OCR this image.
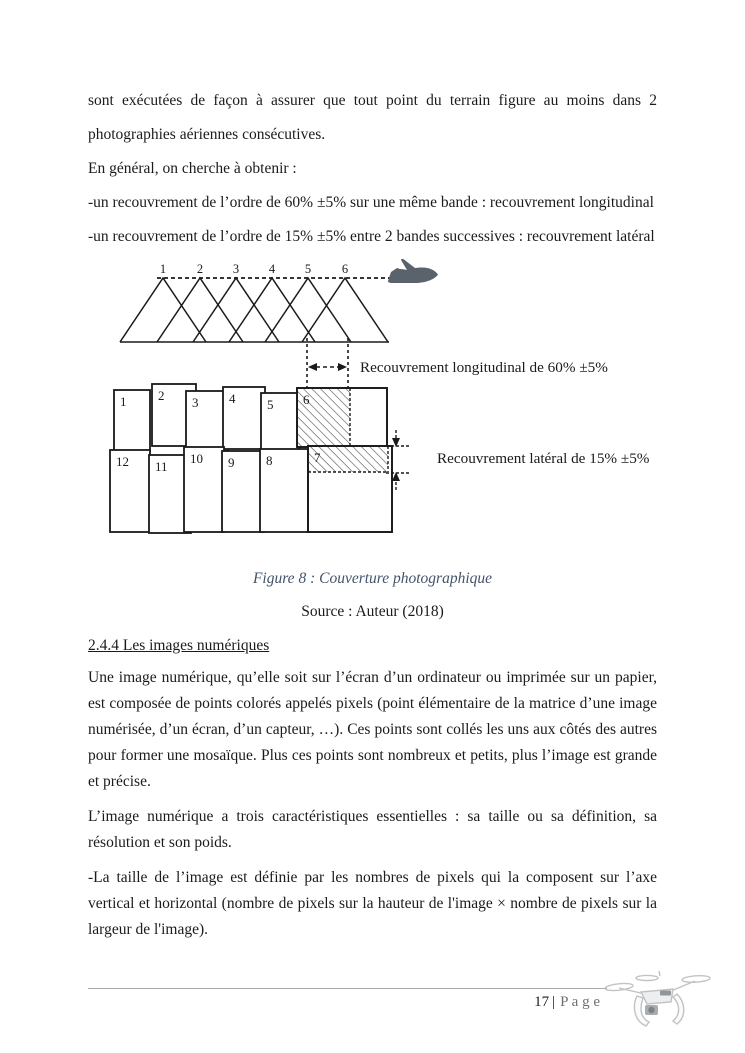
sont exécutées de façon à assurer que tout point du terrain figure au moins dans 2 photographies aériennes consécutives.

En général, on cherche à obtenir :

-un recouvrement de l’ordre de 60% ±5% sur une même bande : recouvrement longitudinal

-un recouvrement de l’ordre de 15% ±5% entre 2 bandes successives : recouvrement latéral

1 2 3 4 5 6
Recouvrement longitudinal de 60% ±5%
1 2 3 4 5 6
12 11
10 9 8	7	Recouvrement latéral de 15% ±5%
Figure 8 : Couverture photographique
Source : Auteur (2018)
2.4.4 Les images numériques

Une image numérique, qu’elle soit sur l’écran d’un ordinateur ou imprimée sur un papier, est composée de points colorés appelés pixels (point élémentaire de la matrice d’une image numérisée, d’un écran, d’un capteur, …). Ces points sont collés les uns aux côtés des autres pour former une mosaïque. Plus ces points sont nombreux et petits, plus l’image est grande et précise.

L’image numérique a trois caractéristiques essentielles : sa taille ou sa définition, sa résolution et son poids.

-La taille de l’image est définie par les nombres de pixels qui la composent sur l’axe vertical et horizontal (nombre de pixels sur la hauteur de l'image × nombre de pixels sur la largeur de l'image).

17 | P a g e
